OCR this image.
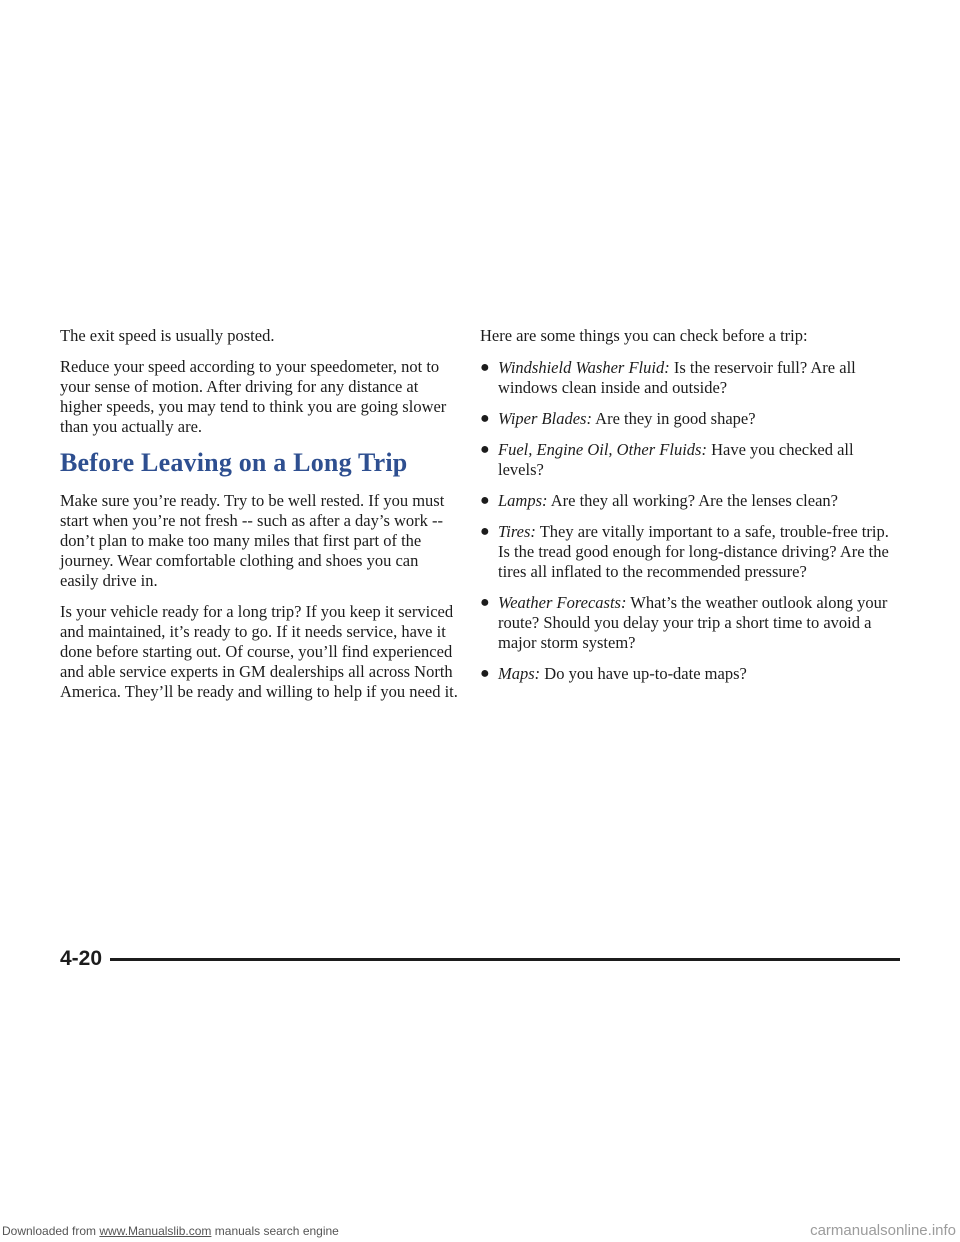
The exit speed is usually posted.

Reduce your speed according to your speedometer, not to your sense of motion. After driving for any distance at higher speeds, you may tend to think you are going slower than you actually are.

Before Leaving on a Long Trip

Make sure you’re ready. Try to be well rested. If you must start when you’re not fresh -- such as after a day’s work -- don’t plan to make too many miles that first part of the journey. Wear comfortable clothing and shoes you can easily drive in.

Is your vehicle ready for a long trip? If you keep it serviced and maintained, it’s ready to go. If it needs service, have it done before starting out. Of course, you’ll find experienced and able service experts in GM dealerships all across North America. They’ll be ready and willing to help if you need it.

Here are some things you can check before a trip:

● Windshield Washer Fluid: Is the reservoir full? Are all windows clean inside and outside?
● Wiper Blades: Are they in good shape?
● Fuel, Engine Oil, Other Fluids: Have you checked all levels?
● Lamps: Are they all working? Are the lenses clean?
● Tires: They are vitally important to a safe, trouble-free trip. Is the tread good enough for long-distance driving? Are the tires all inflated to the recommended pressure?
● Weather Forecasts: What’s the weather outlook along your route? Should you delay your trip a short time to avoid a major storm system?
● Maps: Do you have up-to-date maps?
4-20
Downloaded from www.Manualslib.com manuals search engine	carmanualsonline.info
